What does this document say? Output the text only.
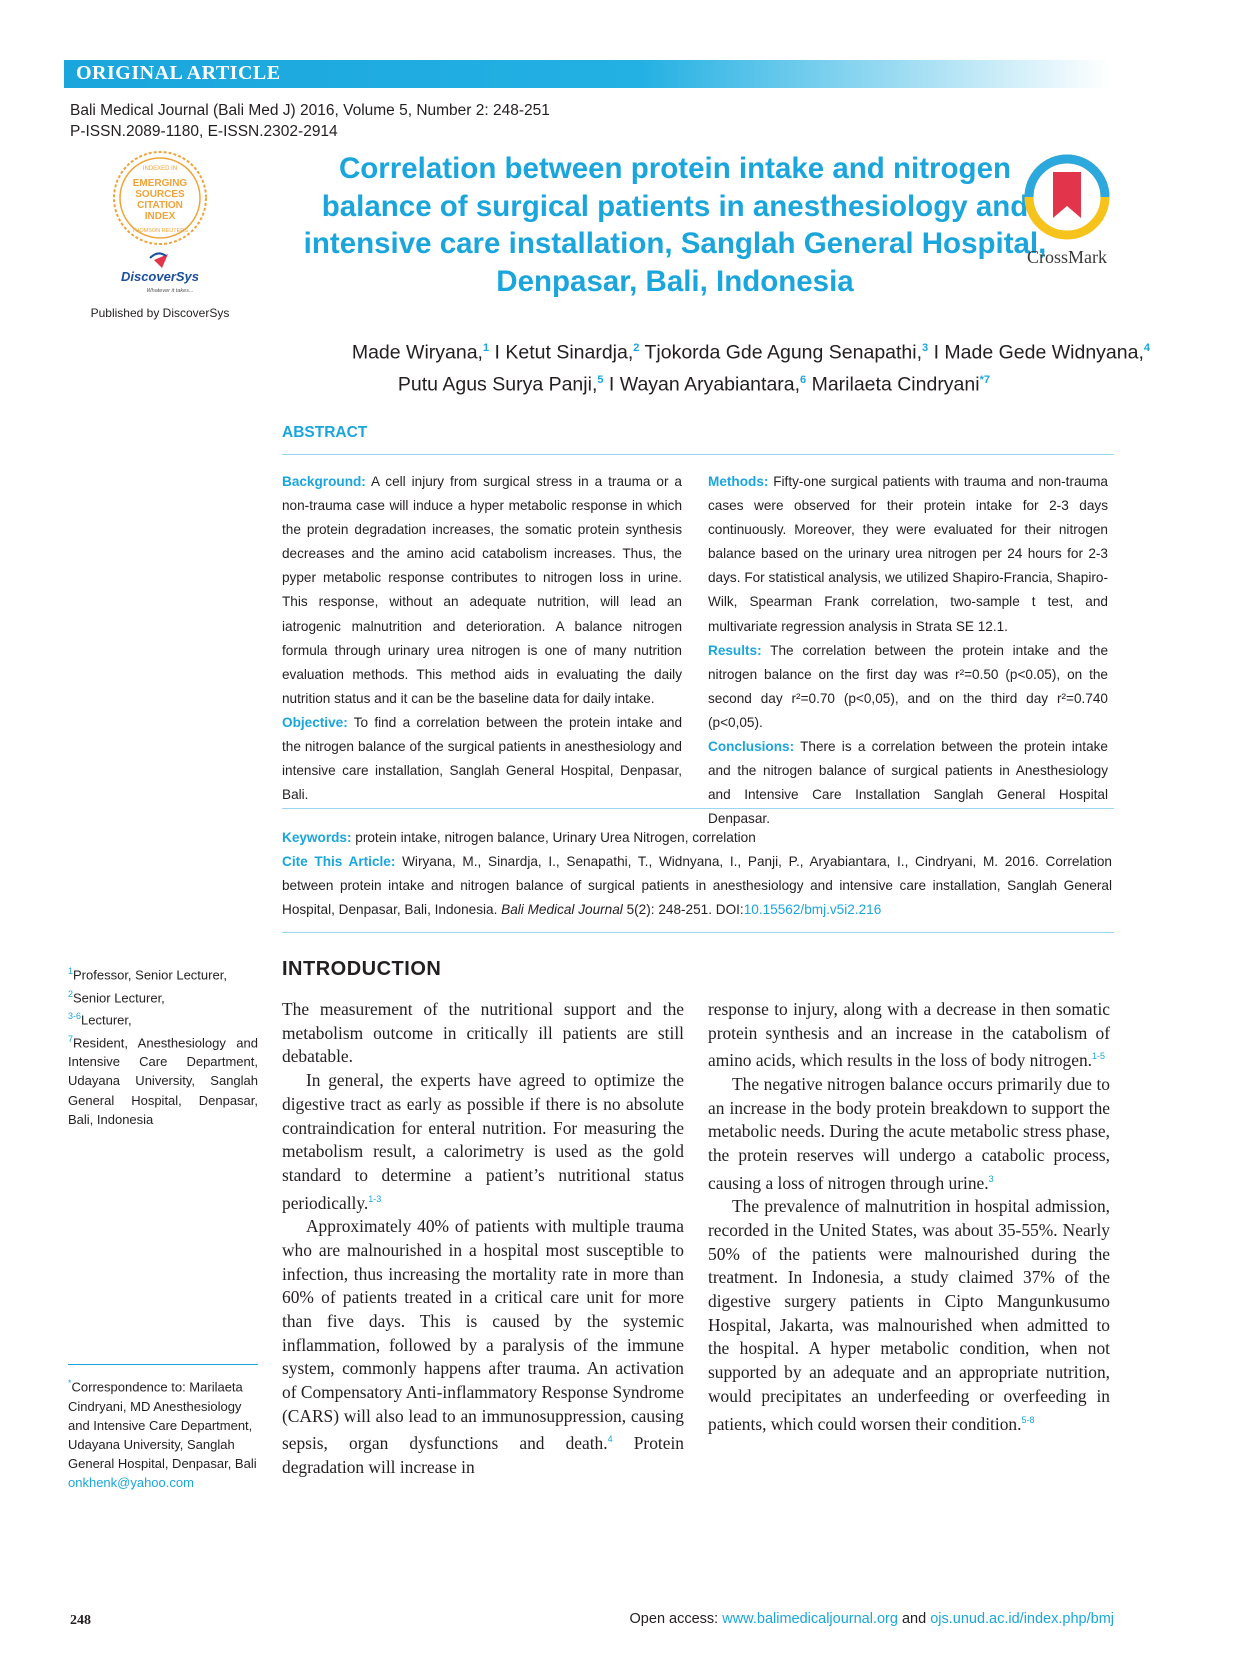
ORIGINAL ARTICLE
Bali Medical Journal (Bali Med J) 2016, Volume 5, Number 2: 248-251
P-ISSN.2089-1180, E-ISSN.2302-2914
INDEXED IN
EMERGING
SOURCES
CITATION
INDEX
THOMSON REUTERS
DiscoverSys
Whatever it takes...
Published by DiscoverSys
Correlation between protein intake and nitrogen balance of surgical patients in anesthesiology and intensive care installation, Sanglah General Hospital, Denpasar, Bali, Indonesia
CrossMark
Made Wiryana,$^1$ I Ketut Sinardja,$^2$ Tjokorda Gde Agung Senapathi,$^3$ I Made Gede Widnyana,$^4$
Putu Agus Surya Panji,$^5$ I Wayan Aryabiantara,$^6$ Marilaeta Cindryani$^{*7}$
ABSTRACT
Background: A cell injury from surgical stress in a trauma or a non-trauma case will induce a hyper metabolic response in which the protein degradation increases, the somatic protein synthesis decreases and the amino acid catabolism increases. Thus, the pyper metabolic response contributes to nitrogen loss in urine. This response, without an adequate nutrition, will lead an iatrogenic malnutrition and deterioration. A balance nitrogen formula through urinary urea nitrogen is one of many nutrition evaluation methods. This method aids in evaluating the daily nutrition status and it can be the baseline data for daily intake.
Objective: To find a correlation between the protein intake and the nitrogen balance of the surgical patients in anesthesiology and intensive care installation, Sanglah General Hospital, Denpasar, Bali.
Methods: Fifty-one surgical patients with trauma and non-trauma cases were observed for their protein intake for 2-3 days continuously. Moreover, they were evaluated for their nitrogen balance based on the urinary urea nitrogen per 24 hours for 2-3 days. For statistical analysis, we utilized Shapiro-Francia, Shapiro-Wilk, Spearman Frank correlation, two-sample t test, and multivariate regression analysis in Strata SE 12.1.
Results: The correlation between the protein intake and the nitrogen balance on the first day was r²=0.50 (p<0.05), on the second day r²=0.70 (p<0,05), and on the third day r²=0.740 (p<0,05).
Conclusions: There is a correlation between the protein intake and the nitrogen balance of surgical patients in Anesthesiology and Intensive Care Installation Sanglah General Hospital Denpasar.
Keywords: protein intake, nitrogen balance, Urinary Urea Nitrogen, correlation
Cite This Article: Wiryana, M., Sinardja, I., Senapathi, T., Widnyana, I., Panji, P., Aryabiantara, I., Cindryani, M. 2016. Correlation between protein intake and nitrogen balance of surgical patients in anesthesiology and intensive care installation, Sanglah General Hospital, Denpasar, Bali, Indonesia. Bali Medical Journal 5(2): 248-251. DOI:10.15562/bmj.v5i2.216
$^1$Professor, Senior Lecturer,
$^2$Senior Lecturer,
$^{3-6}$Lecturer,
$^7$Resident, Anesthesiology and Intensive Care Department, Udayana University, Sanglah General Hospital, Denpasar, Bali, Indonesia
*Correspondence to: Marilaeta Cindryani, MD Anesthesiology and Intensive Care Department, Udayana University, Sanglah General Hospital, Denpasar, Bali
onkhenk@yahoo.com
INTRODUCTION

The measurement of the nutritional support and the metabolism outcome in critically ill patients are still debatable.

In general, the experts have agreed to optimize the digestive tract as early as possible if there is no absolute contraindication for enteral nutrition. For measuring the metabolism result, a calorimetry is used as the gold standard to determine a patient’s nutritional status periodically.$^{1-3}$

Approximately 40% of patients with multiple trauma who are malnourished in a hospital most susceptible to infection, thus increasing the mortality rate in more than 60% of patients treated in a critical care unit for more than five days. This is caused by the systemic inflammation, followed by a paralysis of the immune system, commonly happens after trauma. An activation of Compensatory Anti-inflammatory Response Syndrome (CARS) will also lead to an immunosuppression, causing sepsis, organ dysfunctions and death.$^4$ Protein degradation will increase in

response to injury, along with a decrease in then somatic protein synthesis and an increase in the catabolism of amino acids, which results in the loss of body nitrogen.$^{1-5}$

The negative nitrogen balance occurs primarily due to an increase in the body protein breakdown to support the metabolic needs. During the acute metabolic stress phase, the protein reserves will undergo a catabolic process, causing a loss of nitrogen through urine.$^3$

The prevalence of malnutrition in hospital admission, recorded in the United States, was about 35-55%. Nearly 50% of the patients were malnourished during the treatment. In Indonesia, a study claimed 37% of the digestive surgery patients in Cipto Mangunkusumo Hospital, Jakarta, was malnourished when admitted to the hospital. A hyper metabolic condition, when not supported by an adequate and an appropriate nutrition, would precipitates an underfeeding or overfeeding in patients, which could worsen their condition.$^{5-8}$

248	Open access: www.balimedicaljournal.org and ojs.unud.ac.id/index.php/bmj
